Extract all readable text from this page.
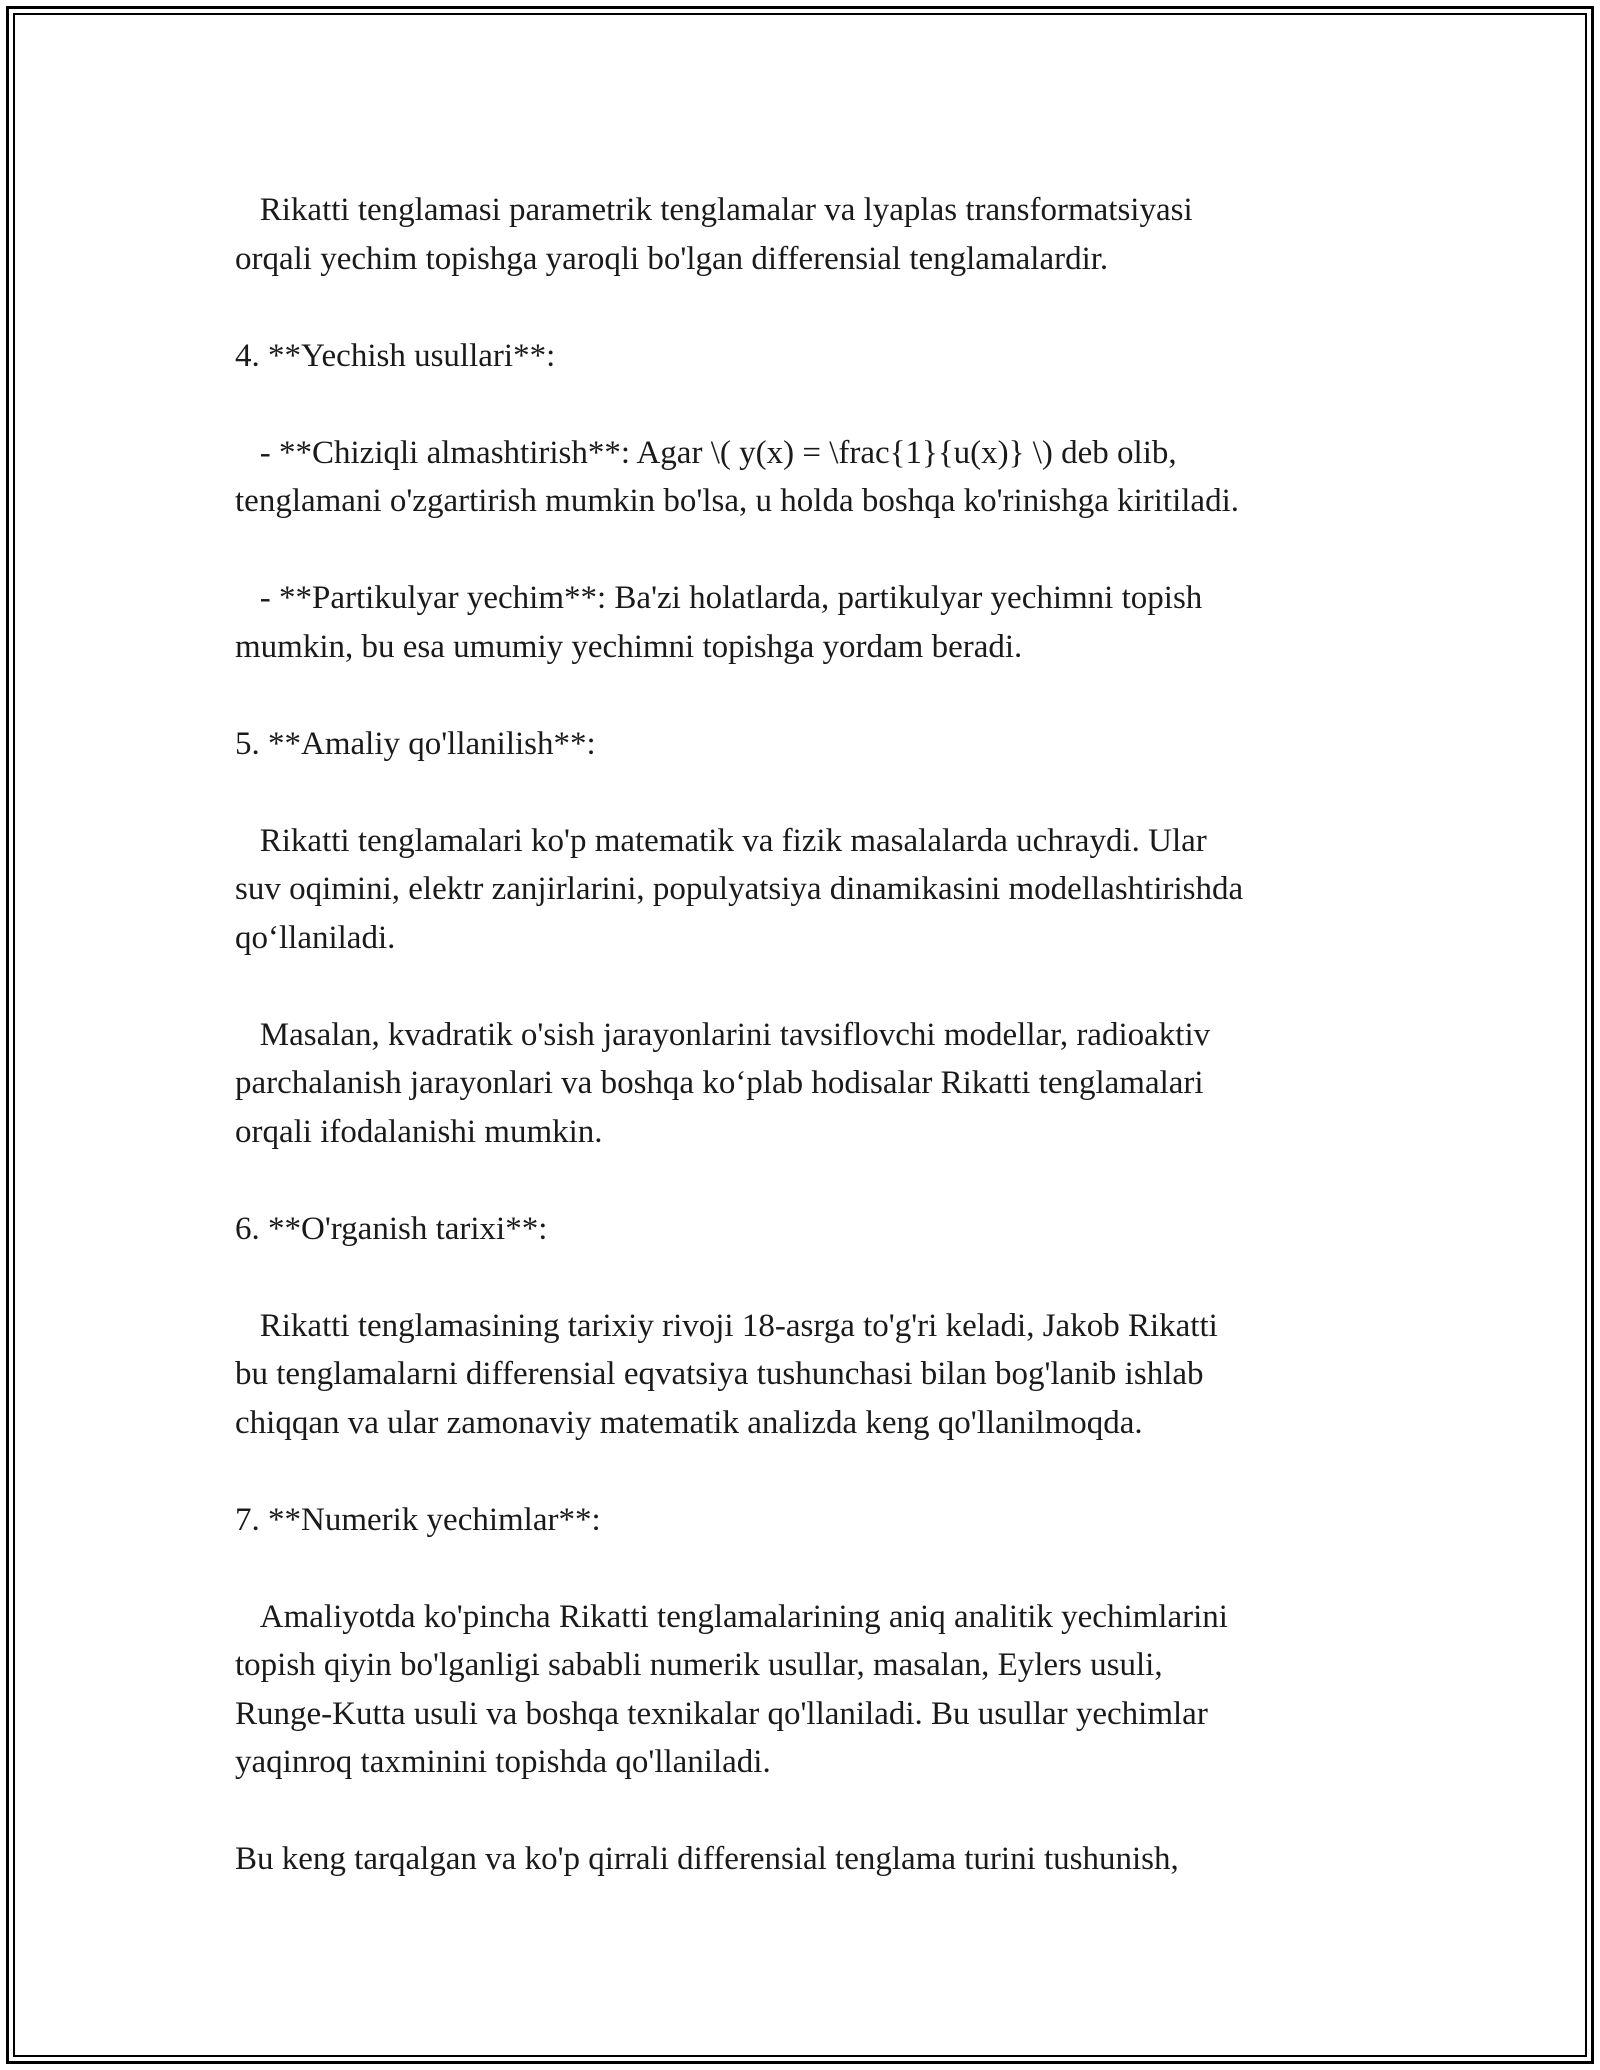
Rikatti tenglamasi parametrik tenglamalar va lyaplas transformatsiyasi
orqali yechim topishga yaroqli bo'lgan differensial tenglamalardir.

4. **Yechish usullari**:

- **Chiziqli almashtirish**: Agar \( y(x) = \frac{1}{u(x)} \) deb olib,
tenglamani o'zgartirish mumkin bo'lsa, u holda boshqa ko'rinishga kiritiladi.

- **Partikulyar yechim**: Ba'zi holatlarda, partikulyar yechimni topish
mumkin, bu esa umumiy yechimni topishga yordam beradi.

5. **Amaliy qo'llanilish**:

Rikatti tenglamalari ko'p matematik va fizik masalalarda uchraydi. Ular
suv oqimini, elektr zanjirlarini, populyatsiya dinamikasini modellashtirishda
qo‘llaniladi.

Masalan, kvadratik o'sish jarayonlarini tavsiflovchi modellar, radioaktiv
parchalanish jarayonlari va boshqa ko‘plab hodisalar Rikatti tenglamalari
orqali ifodalanishi mumkin.

6. **O'rganish tarixi**:

Rikatti tenglamasining tarixiy rivoji 18-asrga to'g'ri keladi, Jakob Rikatti
bu tenglamalarni differensial eqvatsiya tushunchasi bilan bog'lanib ishlab
chiqqan va ular zamonaviy matematik analizda keng qo'llanilmoqda.

7. **Numerik yechimlar**:

Amaliyotda ko'pincha Rikatti tenglamalarining aniq analitik yechimlarini
topish qiyin bo'lganligi sababli numerik usullar, masalan, Eylers usuli,
Runge-Kutta usuli va boshqa texnikalar qo'llaniladi. Bu usullar yechimlar
yaqinroq taxminini topishda qo'llaniladi.

Bu keng tarqalgan va ko'p qirrali differensial tenglama turini tushunish,
